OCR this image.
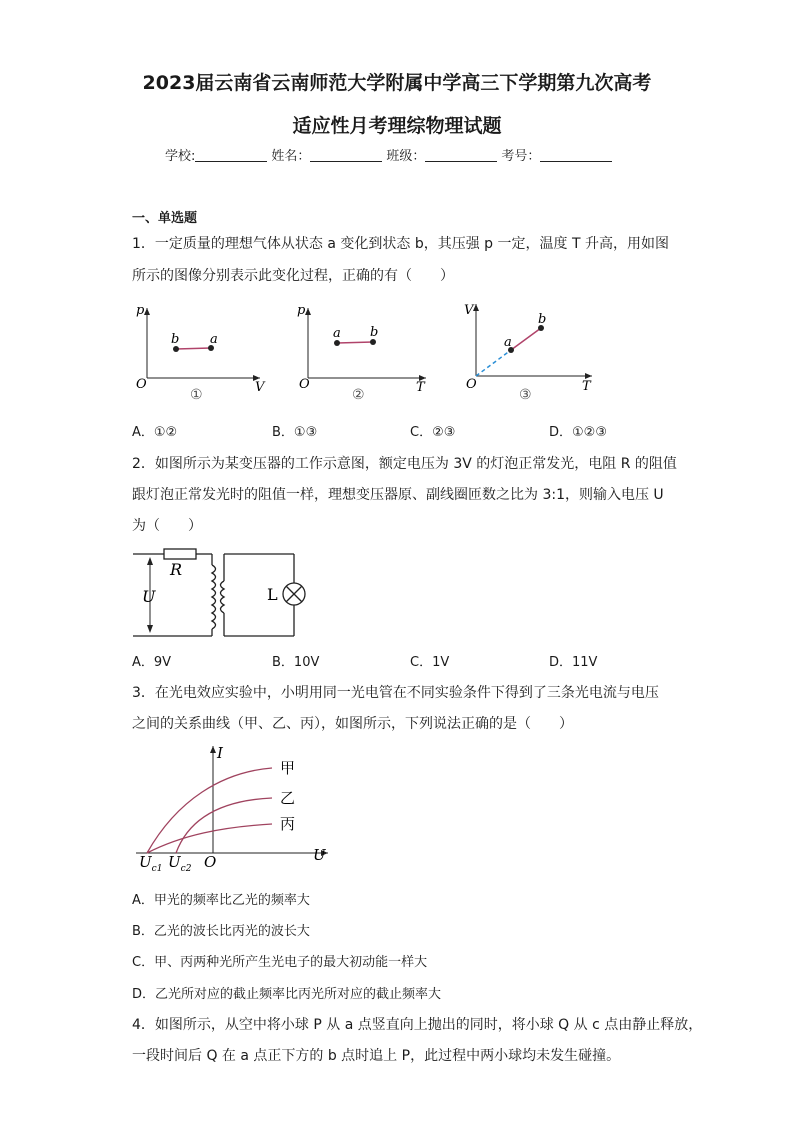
2023届云南省云南师范大学附属中学高三下学期第九次高考
适应性月考理综物理试题
学校:	姓名：	班级：	考号：
一、单选题
1．一定质量的理想气体从状态 a 变化到状态 b，其压强 p 一定，温度 T 升高，用如图
所示的图像分别表示此变化过程，正确的有（　　）
p
V
O
b a
①
p
T
O
a b
②
V
T
O
a
b
③
A．①②	B．①③	C．②③	D．①②③
2．如图所示为某变压器的工作示意图，额定电压为 3V 的灯泡正常发光，电阻 R 的阻值
跟灯泡正常发光时的阻值一样，理想变压器原、副线圈匝数之比为 3:1，则输入电压 U
为（　　）
R
U	L
A．9V	B．10V	C．1V	D．11V
3．在光电效应实验中，小明用同一光电管在不同实验条件下得到了三条光电流与电压
之间的关系曲线（甲、乙、丙），如图所示，下列说法正确的是（　　）
I
U
O
$U_{c1}$ $U_{c2}$
甲
乙
丙
A．甲光的频率比乙光的频率大
B．乙光的波长比丙光的波长大
C．甲、丙两种光所产生光电子的最大初动能一样大
D．乙光所对应的截止频率比丙光所对应的截止频率大
4．如图所示，从空中将小球 P 从 a 点竖直向上抛出的同时，将小球 Q 从 c 点由静止释放，
一段时间后 Q 在 a 点正下方的 b 点时追上 P，此过程中两小球均未发生碰撞。
